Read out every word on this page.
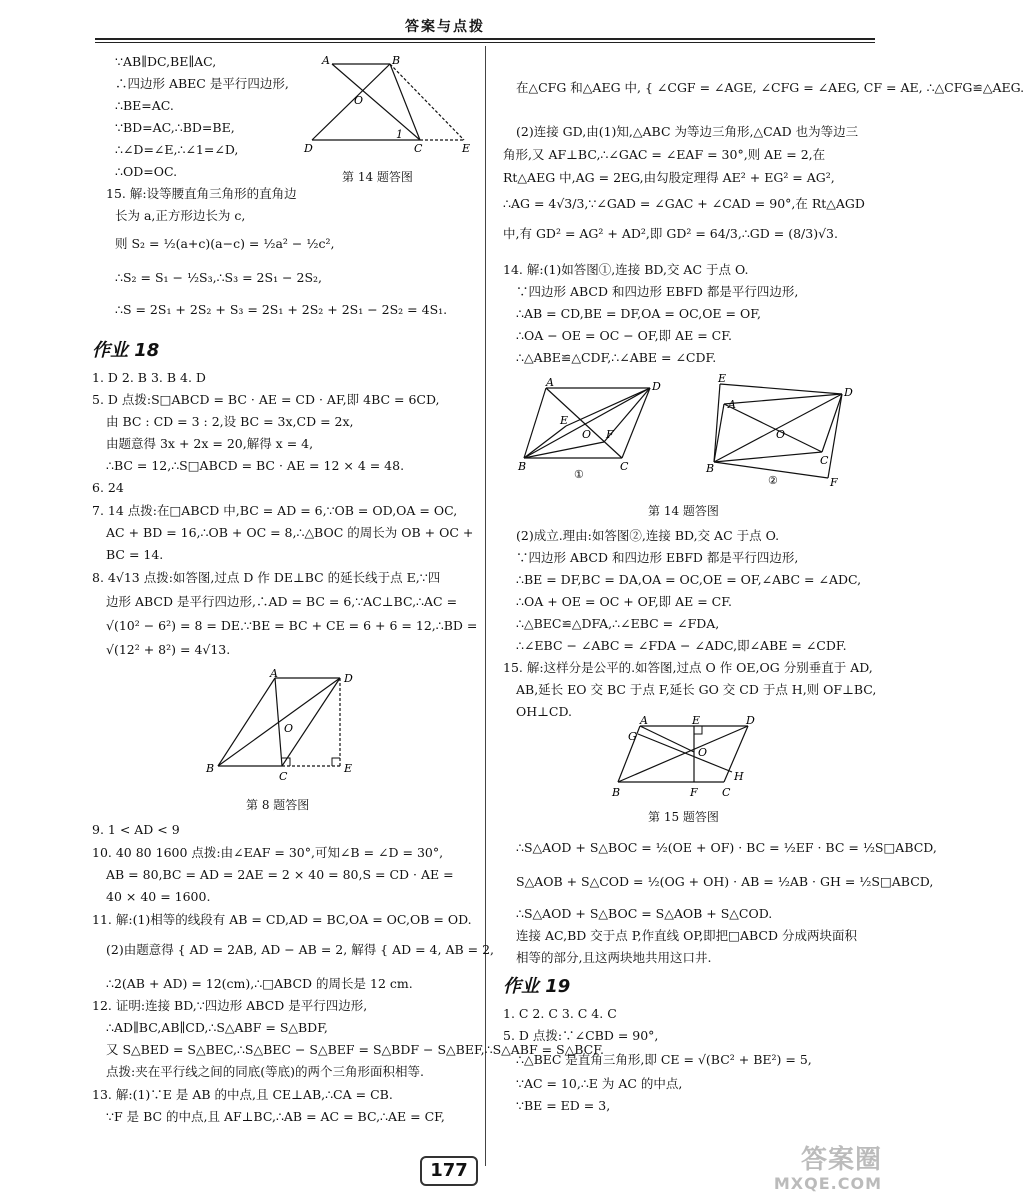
答案与点拨
∵AB∥DC,BE∥AC,
∴四边形 ABEC 是平行四边形,
∴BE=AC.
∵BD=AC,∴BD=BE,
∴∠D=∠E,∴∠1=∠D,
∴OD=OC.
15. 解:设等腰直角三角形的直角边
长为 a,正方形边长为 c,
则 S₂ = ½(a+c)(a−c) = ½a² − ½c²,
∴S₂ = S₁ − ½S₃,∴S₃ = 2S₁ − 2S₂,
∴S = 2S₁ + 2S₂ + S₃ = 2S₁ + 2S₂ + 2S₁ − 2S₂ = 4S₁.
A	B
O
1
D	C	E
第 14 题答图
作业 18
1. D 2. B 3. B 4. D
5. D 点拨:S□ABCD = BC · AE = CD · AF,即 4BC = 6CD,
由 BC : CD = 3 : 2,设 BC = 3x,CD = 2x,
由题意得 3x + 2x = 20,解得 x = 4,
∴BC = 12,∴S□ABCD = BC · AE = 12 × 4 = 48.
6. 24
7. 14 点拨:在□ABCD 中,BC = AD = 6,∵OB = OD,OA = OC,
AC + BD = 16,∴OB + OC = 8,∴△BOC 的周长为 OB + OC +
BC = 14.
8. 4√13 点拨:如答图,过点 D 作 DE⊥BC 的延长线于点 E,∵四
边形 ABCD 是平行四边形,∴AD = BC = 6,∵AC⊥BC,∴AC =
√(10² − 6²) = 8 = DE.∵BE = BC + CE = 6 + 6 = 12,∴BD =
√(12² + 8²) = 4√13.
A	D
O
B
C
E
第 8 题答图
9. 1 < AD < 9
10. 40 80 1600 点拨:由∠EAF = 30°,可知∠B = ∠D = 30°,
AB = 80,BC = AD = 2AE = 2 × 40 = 80,S = CD · AE =
40 × 40 = 1600.
11. 解:(1)相等的线段有 AB = CD,AD = BC,OA = OC,OB = OD.
(2)由题意得 { AD = 2AB, AD − AB = 2, 解得 { AD = 4, AB = 2,
∴2(AB + AD) = 12(cm),∴□ABCD 的周长是 12 cm.
12. 证明:连接 BD,∵四边形 ABCD 是平行四边形,
∴AD∥BC,AB∥CD,∴S△ABF = S△BDF,
又 S△BED = S△BEC,∴S△BEC − S△BEF = S△BDF − S△BEF,∴S△ABF = S△BCF.
点拨:夹在平行线之间的同底(等底)的两个三角形面积相等.
13. 解:(1)∵E 是 AB 的中点,且 CE⊥AB,∴CA = CB.
∵F 是 BC 的中点,且 AF⊥BC,∴AB = AC = BC,∴AE = CF,
在△CFG 和△AEG 中, { ∠CGF = ∠AGE, ∠CFG = ∠AEG, CF = AE, ∴△CFG≌△AEG.
(2)连接 GD,由(1)知,△ABC 为等边三角形,△CAD 也为等边三
角形,又 AF⊥BC,∴∠GAC = ∠EAF = 30°,则 AE = 2,在
Rt△AEG 中,AG = 2EG,由勾股定理得 AE² + EG² = AG²,
∴AG = 4√3/3,∵∠GAD = ∠GAC + ∠CAD = 90°,在 Rt△AGD
中,有 GD² = AG² + AD²,即 GD² = 64/3,∴GD = (8/3)√3.
14. 解:(1)如答图①,连接 BD,交 AC 于点 O.
∵四边形 ABCD 和四边形 EBFD 都是平行四边形,
∴AB = CD,BE = DF,OA = OC,OE = OF,
∴OA − OE = OC − OF,即 AE = CF.
∴△ABE≌△CDF,∴∠ABE = ∠CDF.
A	D
E
O F
B	C
①
E
A
D
O
C
B
F
②
第 14 题答图
(2)成立.理由:如答图②,连接 BD,交 AC 于点 O.
∵四边形 ABCD 和四边形 EBFD 都是平行四边形,
∴BE = DF,BC = DA,OA = OC,OE = OF,∠ABC = ∠ADC,
∴OA + OE = OC + OF,即 AE = CF.
∴△BEC≌△DFA,∴∠EBC = ∠FDA,
∴∠EBC − ∠ABC = ∠FDA − ∠ADC,即∠ABE = ∠CDF.
15. 解:这样分是公平的.如答图,过点 O 作 OE,OG 分别垂直于 AD,
AB,延长 EO 交 BC 于点 F,延长 GO 交 CD 于点 H,则 OF⊥BC,
OH⊥CD.
A	E	D
G
O
B	F C
H
第 15 题答图
∴S△AOD + S△BOC = ½(OE + OF) · BC = ½EF · BC = ½S□ABCD,
S△AOB + S△COD = ½(OG + OH) · AB = ½AB · GH = ½S□ABCD,
∴S△AOD + S△BOC = S△AOB + S△COD.
连接 AC,BD 交于点 P,作直线 OP,即把□ABCD 分成两块面积
相等的部分,且这两块地共用这口井.
作业 19
1. C 2. C 3. C 4. C
5. D 点拨:∵∠CBD = 90°,
∴△BEC 是直角三角形,即 CE = √(BC² + BE²) = 5,
∵AC = 10,∴E 为 AC 的中点,
∵BE = ED = 3,
177	答案圈
MXQE.COM
